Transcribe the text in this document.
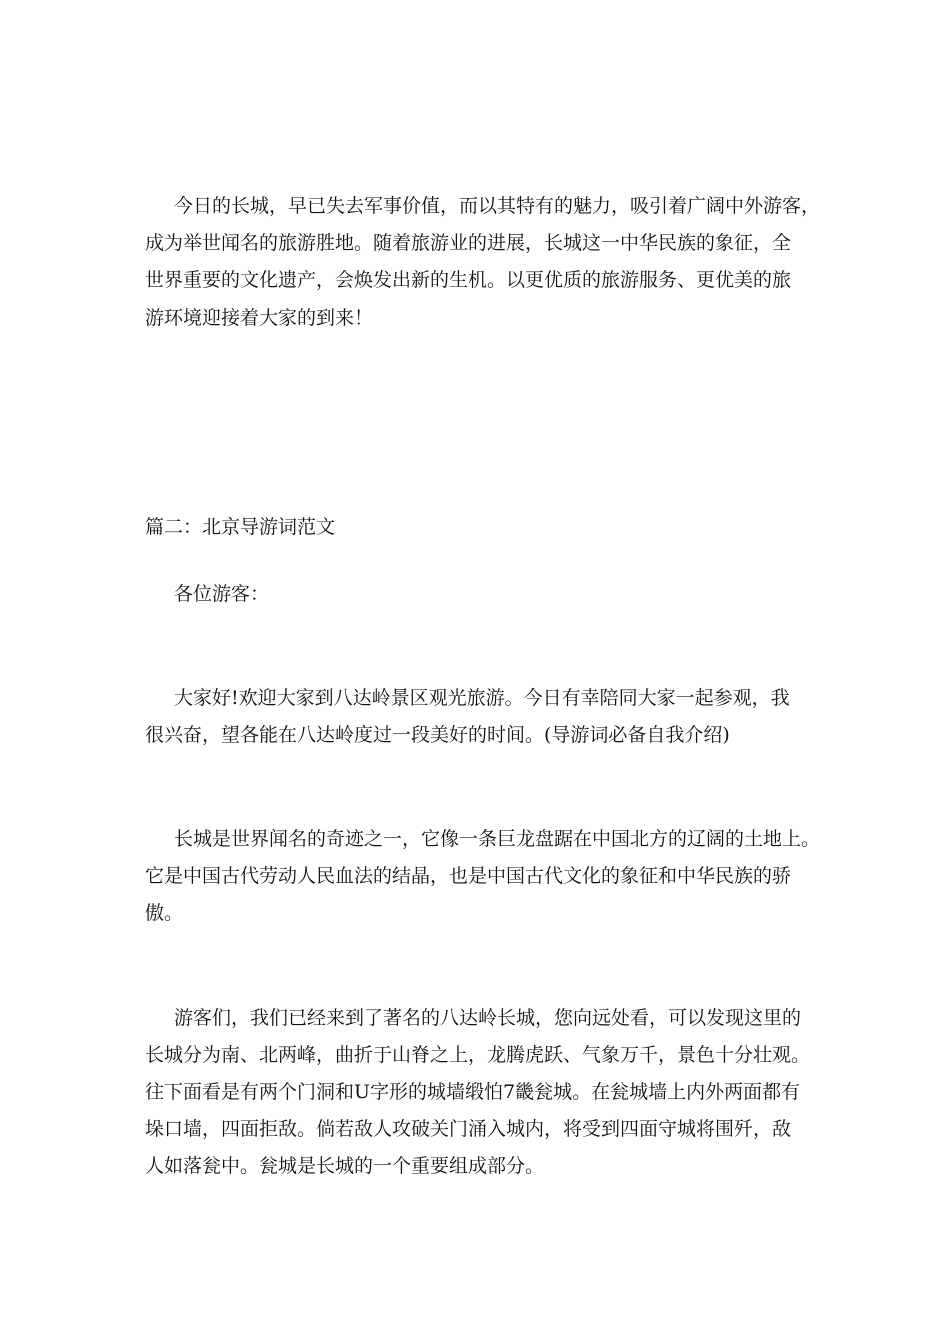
今日的长城，早已失去军事价值，而以其特有的魅力，吸引着广阔中外游客，
成为举世闻名的旅游胜地。随着旅游业的进展，长城这一中华民族的象征，全
世界重要的文化遗产，会焕发出新的生机。以更优质的旅游服务、更优美的旅
游环境迎接着大家的到来！
篇二：北京导游词范文
各位游客：
大家好!欢迎大家到八达岭景区观光旅游。今日有幸陪同大家一起参观，我
很兴奋，望各能在八达岭度过一段美好的时间。(导游词必备自我介绍)
长城是世界闻名的奇迹之一，它像一条巨龙盘踞在中国北方的辽阔的土地上。
它是中国古代劳动人民血法的结晶，也是中国古代文化的象征和中华民族的骄
傲。
游客们，我们已经来到了著名的八达岭长城，您向远处看，可以发现这里的
长城分为南、北两峰，曲折于山脊之上，龙腾虎跃、气象万千，景色十分壮观。
往下面看是有两个门洞和U字形的城墙缎怕7畿瓮城。在瓮城墙上内外两面都有
垛口墙，四面拒敌。倘若敌人攻破关门涌入城内，将受到四面守城将围歼，敌
人如落瓮中。瓮城是长城的一个重要组成部分。
